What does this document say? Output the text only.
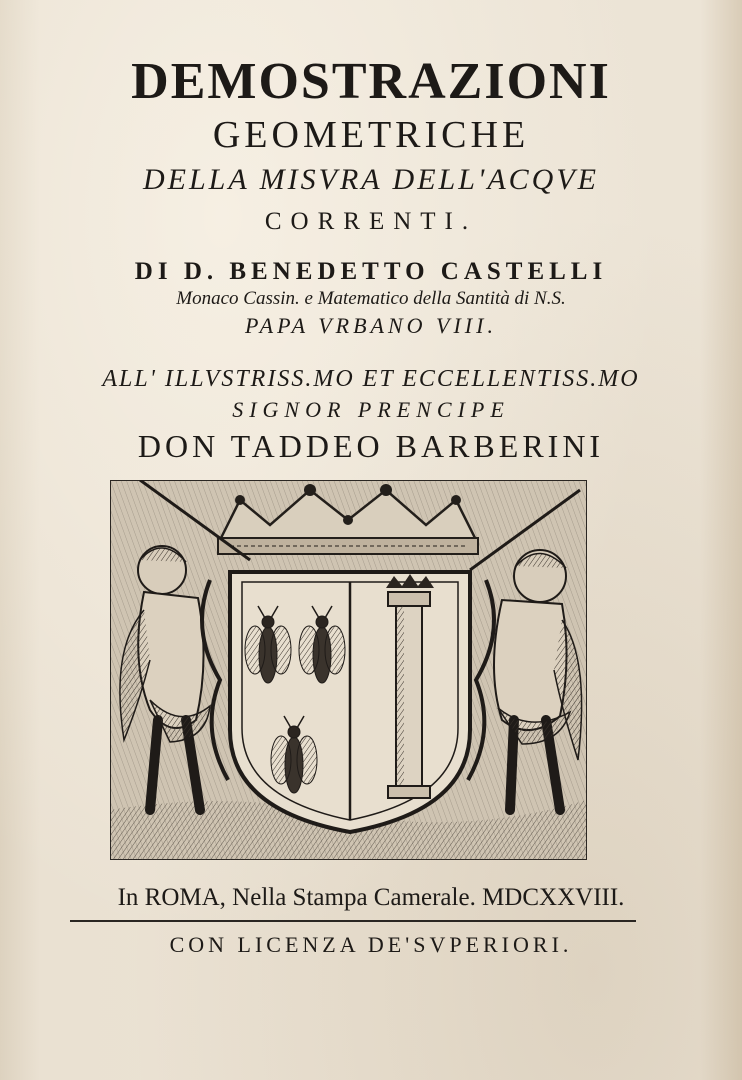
DEMOSTRAZIONI
GEOMETRICHE
DELLA MISVRA DELL'ACQVE
CORRENTI.
DI D. BENEDETTO CASTELLI
Monaco Cassin. e Matematico della Santità di N.S.
PAPA VRBANO VIII.
ALL' ILLVSTRISS.MO ET ECCELLENTISS.MO
SIGNOR PRENCIPE
DON TADDEO BARBERINI
In ROMA, Nella Stampa Camerale. MDCXXVIII.
CON LICENZA DE'SVPERIORI.
